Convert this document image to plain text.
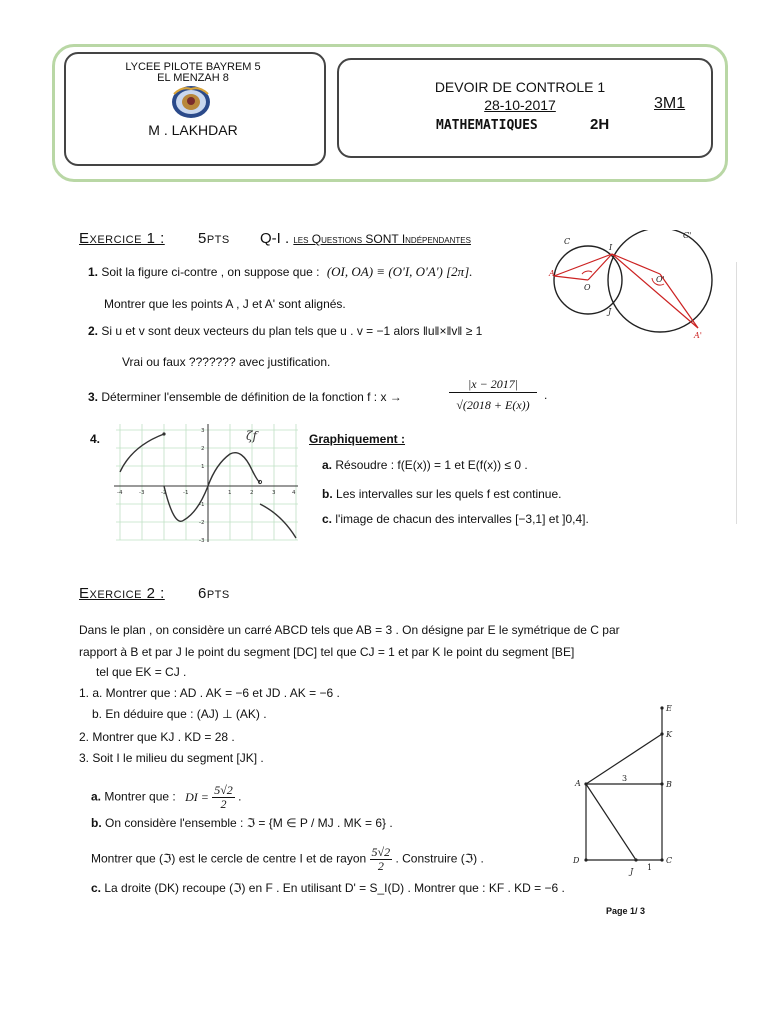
LYCEE PILOTE BAYREM 5
EL MENZAH 8
M . LAKHDAR
DEVOIR DE CONTROLE 1
28-10-2017
MATHEMATIQUES	2H
3M1
Exercice 1 : 5pts Q-I . les Questions SONT Indépendantes
1. Soit la figure ci-contre , on suppose que : (OI, OA) ≡ (O'I, O'A') [2π].
Montrer que les points A , J et A' sont alignés.
2. Si u et v sont deux vecteurs du plan tels que u . v = −1 alors ‖u‖×‖v‖ ≥ 1
Vrai ou faux ??????? avec justification.
3. Déterminer l'ensemble de définition de la fonction f : x →
|x − 2017|
√(2018 + E(x))
.
4.	Graphiquement :
a. Résoudre : f(E(x)) = 1 et E(f(x)) ≤ 0 .
b. Les intervalles sur les quels f est continue.
c. l'image de chacun des intervalles [−3,1] et ]0,4].
-4	-3	-2	-1	1	2	3	4
3
2
1
-1
-2
-3
ζf
C
C'
A
I
O
O'
J
A'
Exercice 2 : 6pts
Dans le plan , on considère un carré ABCD tels que AB = 3 . On désigne par E le symétrique de C par
rapport à B et par J le point du segment [DC] tel que CJ = 1 et par K le point du segment [BE]
tel que EK = CJ .
1. a. Montrer que : AD . AK = −6 et JD . AK = −6 .
b. En déduire que : (AJ) ⊥ (AK) .
2. Montrer que KJ . KD = 28 .
3. Soit I le milieu du segment [JK] .
a. Montrer que : DI = $\frac{5√2}{2}$ .
b. On considère l'ensemble : ℑ = {M ∈ P / MJ . MK = 6} .
Montrer que (ℑ) est le cercle de centre I et de rayon $\frac{5√2}{2}$ . Construire (ℑ) .
c. La droite (DK) recoupe (ℑ) en F . En utilisant D' = S_I(D) . Montrer que : KF . KD = −6 .
E
K
A	B
D	C
J
3
1
Page 1/ 3
